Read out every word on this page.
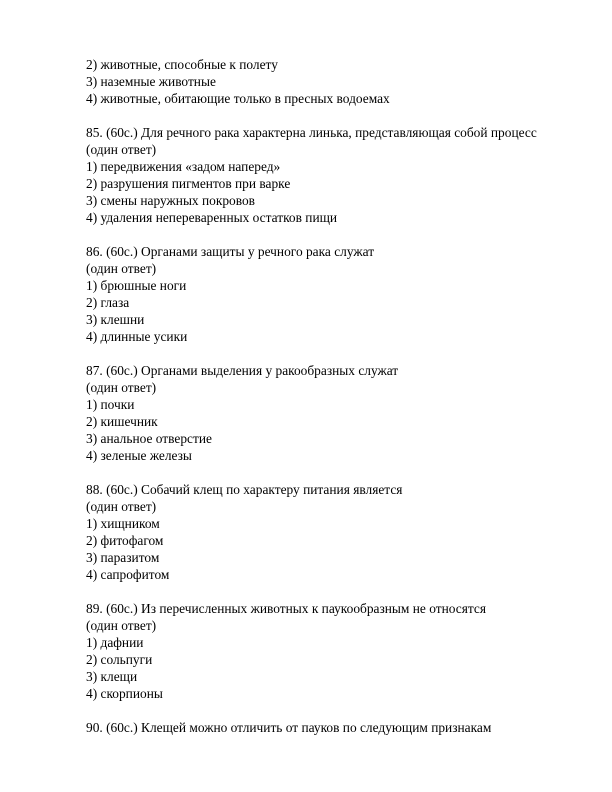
2) животные, способные к полету
3) наземные животные
4) животные, обитающие только в пресных водоемах
85. (60с.) Для речного рака характерна линька, представляющая собой процесс
(один ответ)
1) передвижения «задом наперед»
2) разрушения пигментов при варке
3) смены наружных покровов
4) удаления непереваренных остатков пищи
86. (60с.) Органами защиты у речного рака служат
(один ответ)
1) брюшные ноги
2) глаза
3) клешни
4) длинные усики
87. (60с.) Органами выделения у ракообразных служат
(один ответ)
1) почки
2) кишечник
3) анальное отверстие
4) зеленые железы
88. (60с.) Собачий клещ по характеру питания является
(один ответ)
1) хищником
2) фитофагом
3) паразитом
4) сапрофитом
89. (60с.) Из перечисленных животных к паукообразным не относятся
(один ответ)
1) дафнии
2) сольпуги
3) клещи
4) скорпионы
90. (60с.) Клещей можно отличить от пауков по следующим признакам
